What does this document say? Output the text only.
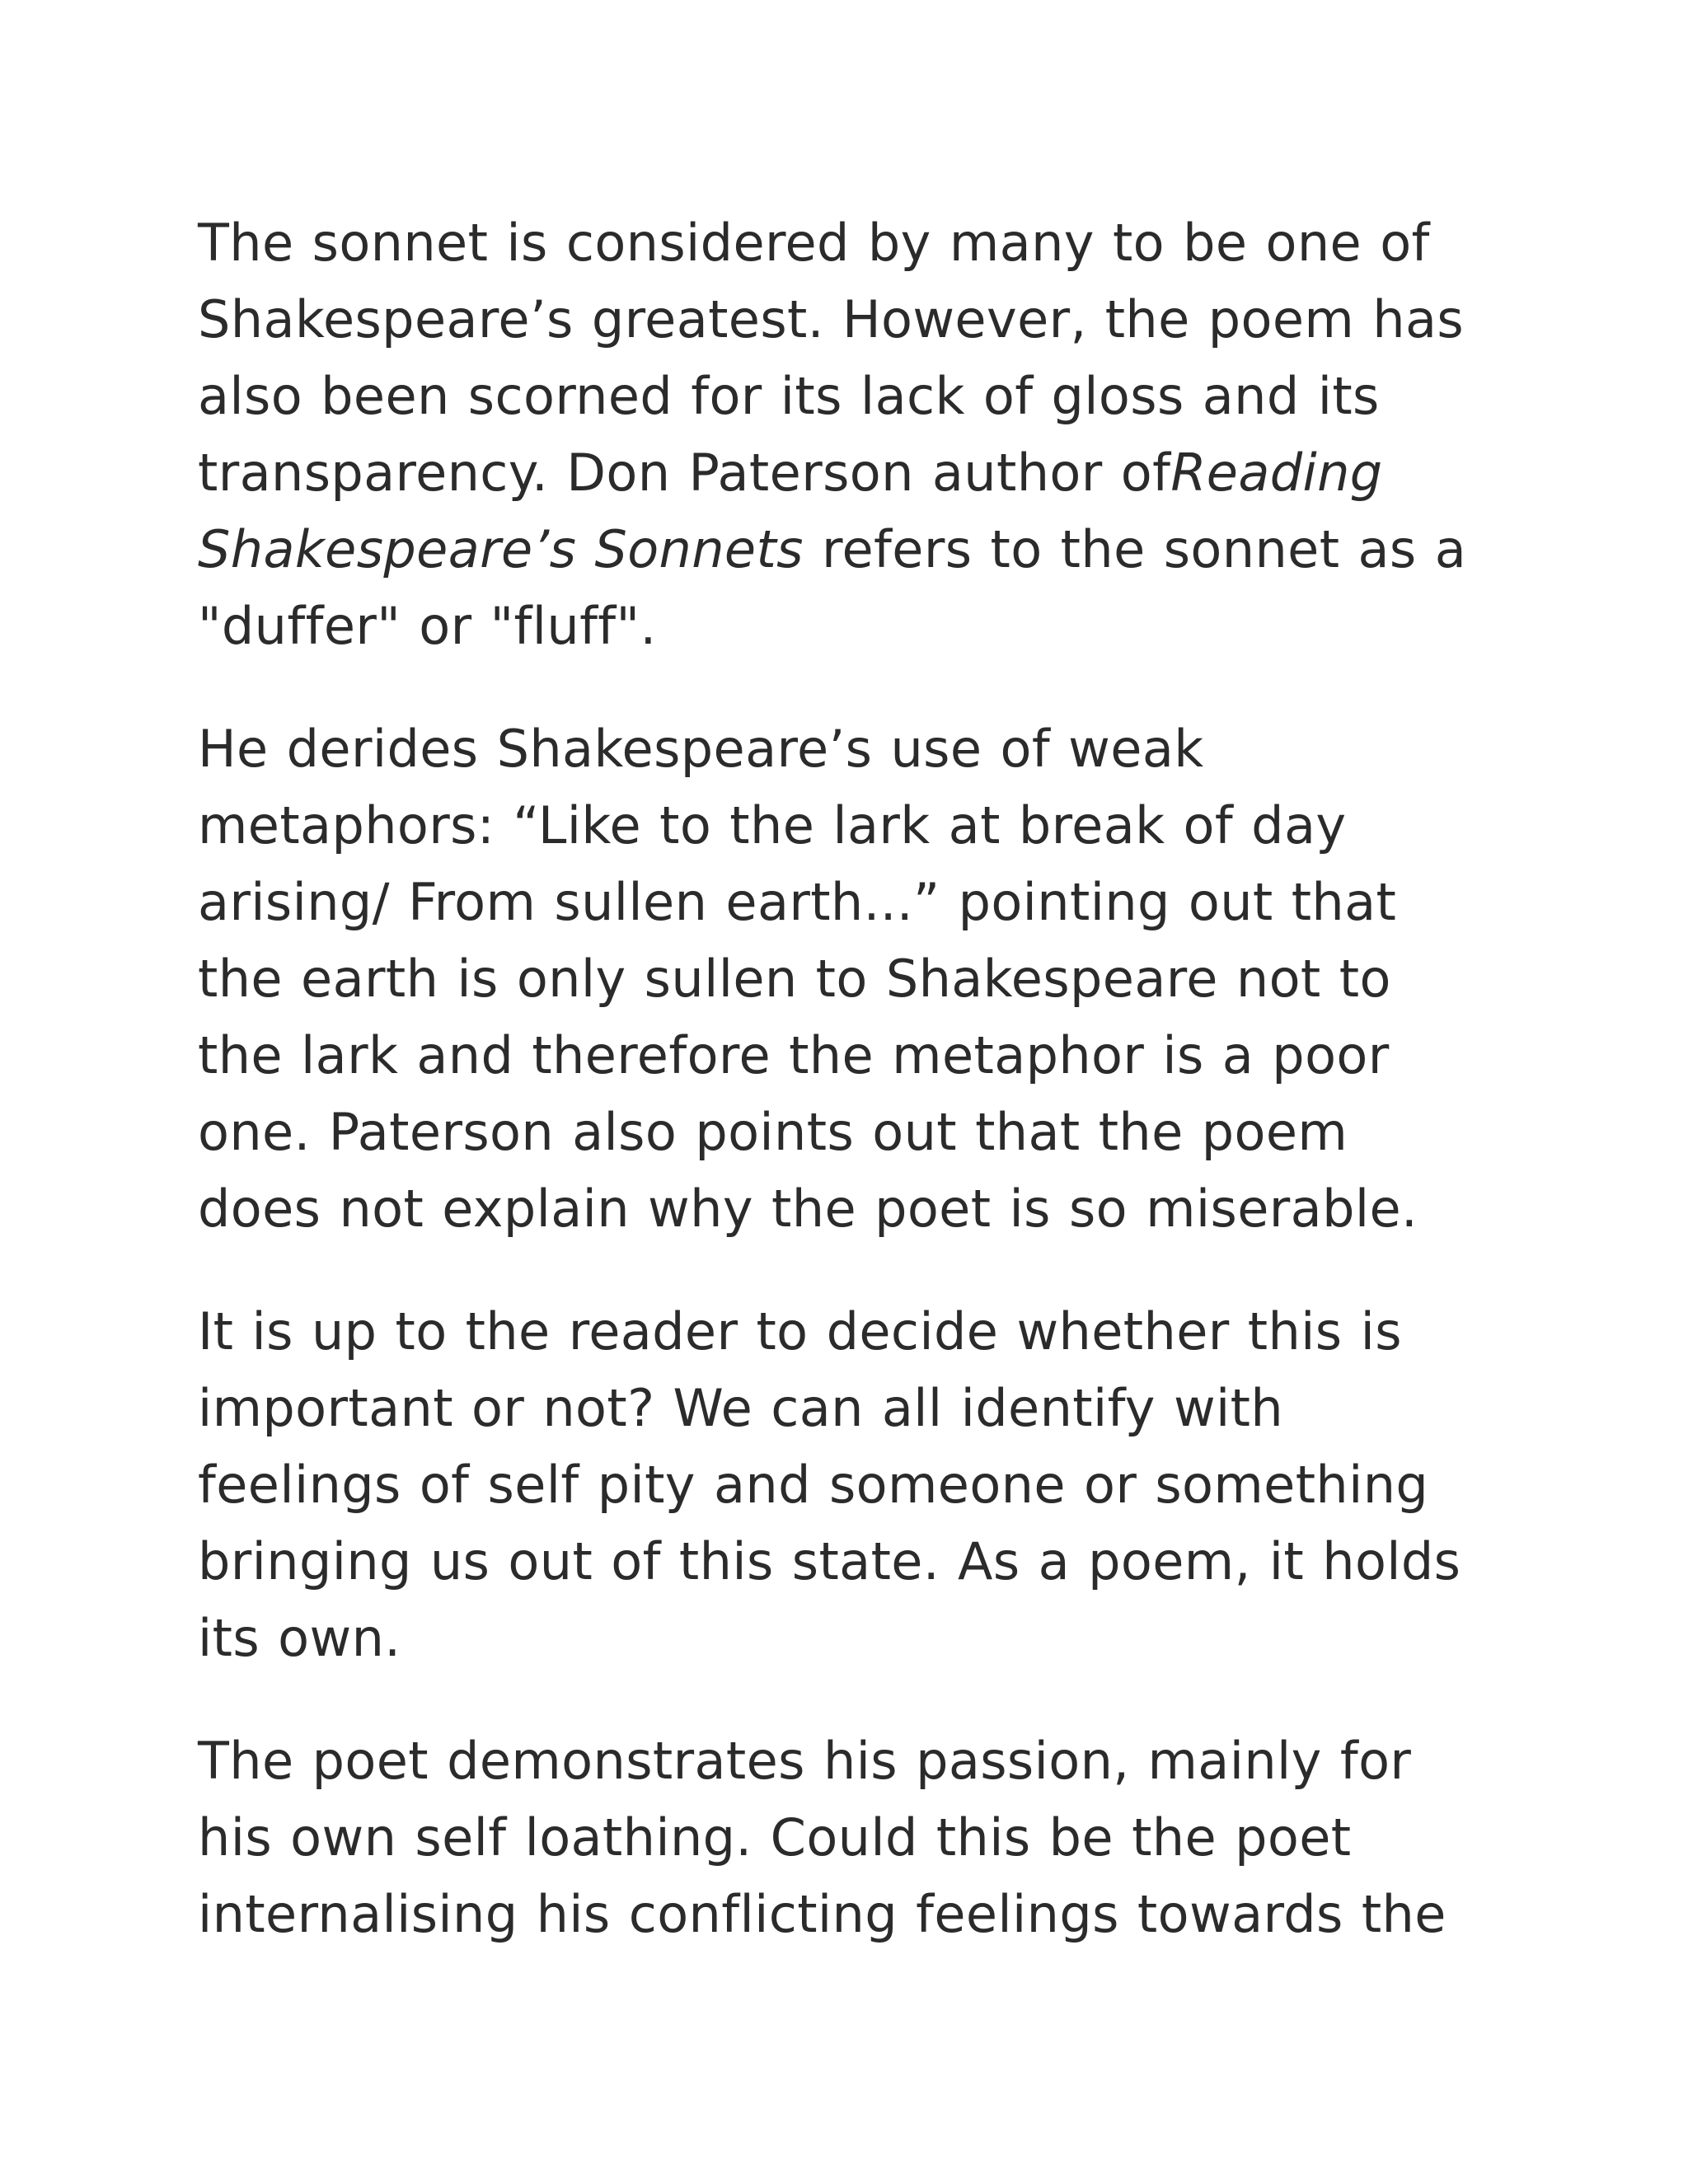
The sonnet is considered by many to be one of
Shakespeare’s greatest. However, the poem has
also been scorned for its lack of gloss and its
transparency. Don Paterson author ofReading
Shakespeare’s Sonnets refers to the sonnet as a
"duffer" or "fluff".

He derides Shakespeare’s use of weak
metaphors: “Like to the lark at break of day
arising/ From sullen earth...” pointing out that
the earth is only sullen to Shakespeare not to
the lark and therefore the metaphor is a poor
one. Paterson also points out that the poem
does not explain why the poet is so miserable.

It is up to the reader to decide whether this is
important or not? We can all identify with
feelings of self pity and someone or something
bringing us out of this state. As a poem, it holds
its own.

The poet demonstrates his passion, mainly for
his own self loathing. Could this be the poet
internalising his conflicting feelings towards the
